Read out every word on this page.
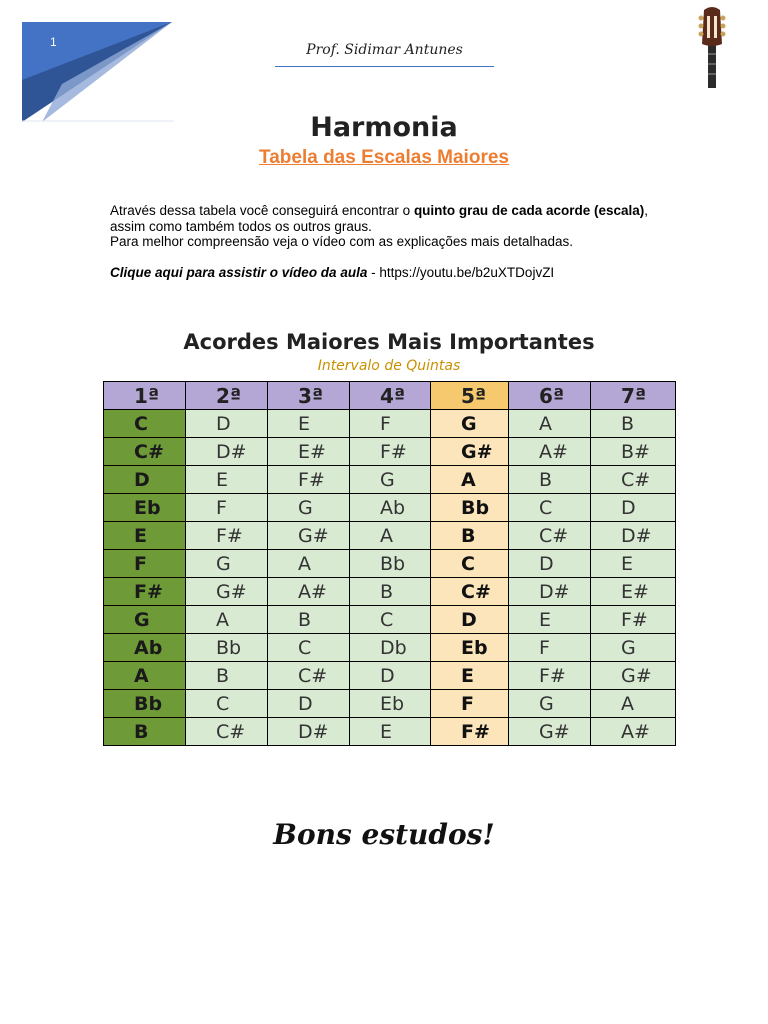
1	Prof. Sidimar Antunes
Harmonia
Tabela das Escalas Maiores

Através dessa tabela você conseguirá encontrar o quinto grau de cada acorde (escala), assim como também todos os outros graus.

Para melhor compreensão veja o vídeo com as explicações mais detalhadas.

Clique aqui para assistir o vídeo da aula - https://youtu.be/b2uXTDojvZI

Acordes Maiores Mais Importantes
Intervalo de Quintas
1ª	2ª	3ª	4ª	5ª	6ª	7ª
C	D	E	F	G	A	B
C#	D#	E#	F#	G#	A#	B#
D	E	F#	G	A	B	C#
Eb	F	G	Ab	Bb	C	D
E	F#	G#	A	B	C#	D#
F	G	A	Bb	C	D	E
F#	G#	A#	B	C#	D#	E#
G	A	B	C	D	E	F#
Ab	Bb	C	Db	Eb	F	G
A	B	C#	D	E	F#	G#
Bb	C	D	Eb	F	G	A
B	C#	D#	E	F#	G#	A#
Bons estudos!
